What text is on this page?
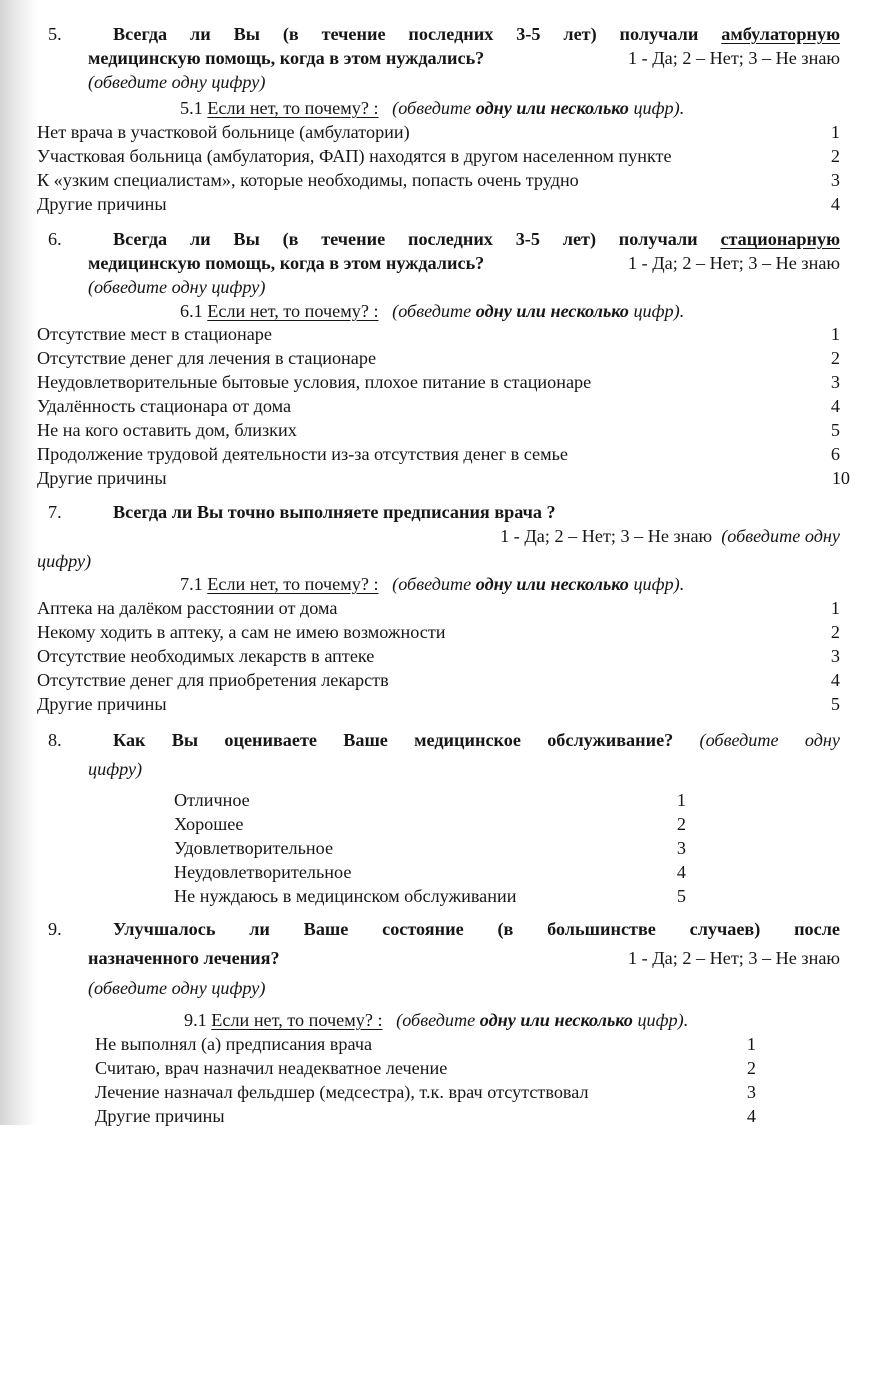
5.	Всегда ли Вы (в течение последних 3-5 лет) получали амбулаторную
медицинскую помощь, когда в этом нуждались?	1 - Да; 2 – Нет; 3 – Не знаю
(обведите одну цифру)
5.1 Если нет, то почему? : (обведите одну или несколько цифр).
Нет врача в участковой больнице (амбулатории)	1
Участковая больница (амбулатория, ФАП) находятся в другом населенном пункте	2
К «узким специалистам», которые необходимы, попасть очень трудно	3
Другие причины	4
6.	Всегда ли Вы (в течение последних 3-5 лет) получали стационарную
медицинскую помощь, когда в этом нуждались?	1 - Да; 2 – Нет; 3 – Не знаю
(обведите одну цифру)
6.1 Если нет, то почему? : (обведите одну или несколько цифр).
Отсутствие мест в стационаре	1
Отсутствие денег для лечения в стационаре	2
Неудовлетворительные бытовые условия, плохое питание в стационаре	3
Удалённость стационара от дома	4
Не на кого оставить дом, близких	5
Продолжение трудовой деятельности из-за отсутствия денег в семье	6
Другие причины	10
7.	Всегда ли Вы точно выполняете предписания врача ?
1 - Да; 2 – Нет; 3 – Не знаю (обведите одну
цифру)
7.1 Если нет, то почему? : (обведите одну или несколько цифр).
Аптека на далёком расстоянии от дома	1
Некому ходить в аптеку, а сам не имею возможности	2
Отсутствие необходимых лекарств в аптеке	3
Отсутствие денег для приобретения лекарств	4
Другие причины	5
8.	Как Вы оцениваете Ваше медицинское обслуживание? (обведите одну
цифру)
Отличное	1
Хорошее	2
Удовлетворительное	3
Неудовлетворительное	4
Не нуждаюсь в медицинском обслуживании	5
9.	Улучшалось ли Ваше состояние (в большинстве случаев) после
назначенного лечения?	1 - Да; 2 – Нет; 3 – Не знаю
(обведите одну цифру)
9.1 Если нет, то почему? : (обведите одну или несколько цифр).
Не выполнял (а) предписания врача	1
Считаю, врач назначил неадекватное лечение	2
Лечение назначал фельдшер (медсестра), т.к. врач отсутствовал	3
Другие причины	4
